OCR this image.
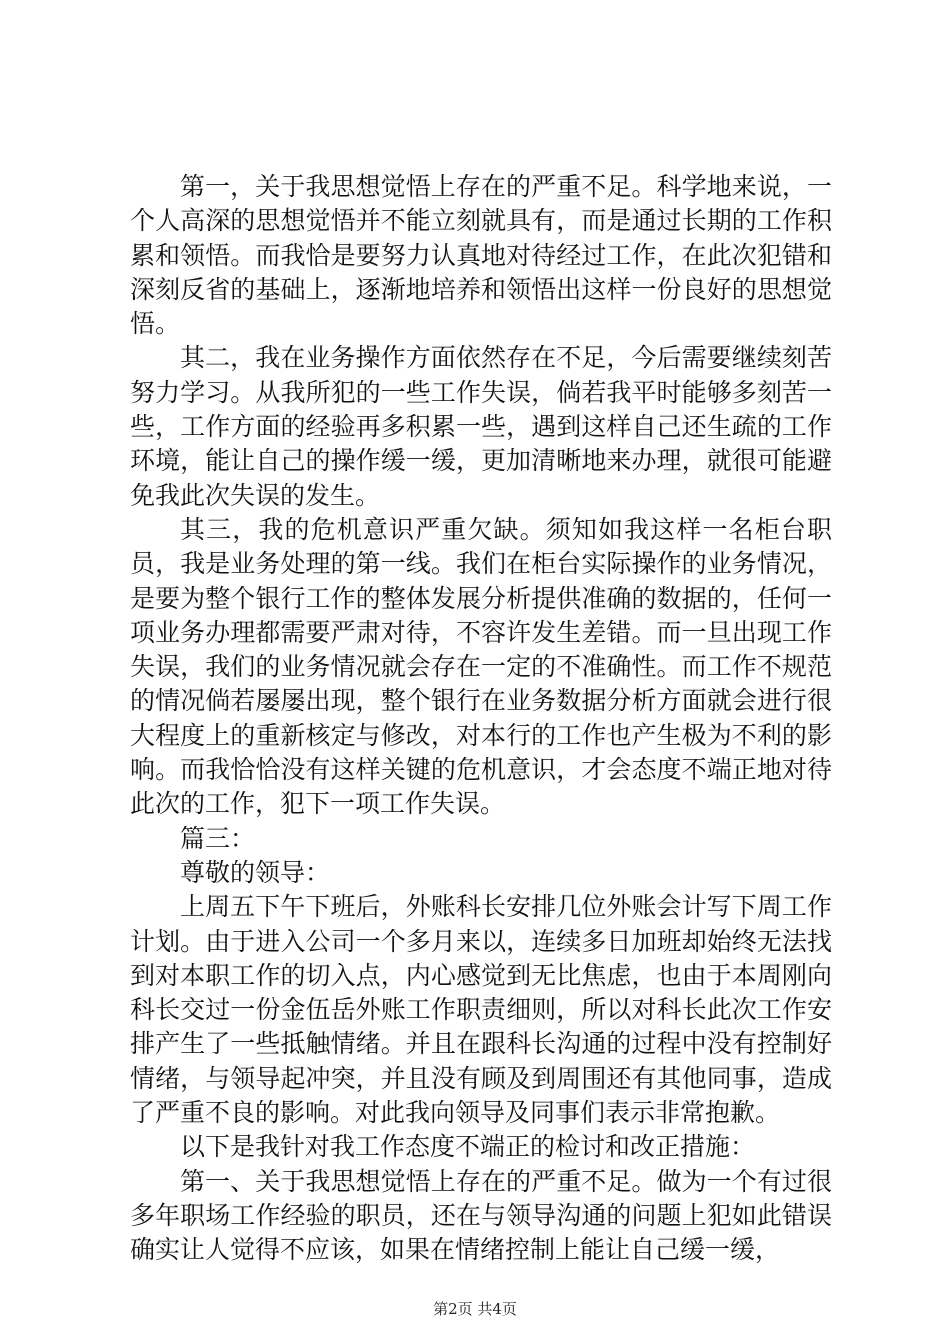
第一，关于我思想觉悟上存在的严重不足。科学地来说，一个人高深的思想觉悟并不能立刻就具有，而是通过长期的工作积累和领悟。而我恰是要努力认真地对待经过工作，在此次犯错和深刻反省的基础上，逐渐地培养和领悟出这样一份良好的思想觉悟。

其二，我在业务操作方面依然存在不足，今后需要继续刻苦努力学习。从我所犯的一些工作失误，倘若我平时能够多刻苦一些，工作方面的经验再多积累一些，遇到这样自己还生疏的工作环境，能让自己的操作缓一缓，更加清晰地来办理，就很可能避免我此次失误的发生。

其三，我的危机意识严重欠缺。须知如我这样一名柜台职员，我是业务处理的第一线。我们在柜台实际操作的业务情况，是要为整个银行工作的整体发展分析提供准确的数据的，任何一项业务办理都需要严肃对待，不容许发生差错。而一旦出现工作失误，我们的业务情况就会存在一定的不准确性。而工作不规范的情况倘若屡屡出现，整个银行在业务数据分析方面就会进行很大程度上的重新核定与修改，对本行的工作也产生极为不利的影响。而我恰恰没有这样关键的危机意识，才会态度不端正地对待此次的工作，犯下一项工作失误。

篇三：

尊敬的领导：

上周五下午下班后，外账科长安排几位外账会计写下周工作计划。由于进入公司一个多月来以，连续多日加班却始终无法找到对本职工作的切入点，内心感觉到无比焦虑，也由于本周刚向科长交过一份金伍岳外账工作职责细则，所以对科长此次工作安排产生了一些抵触情绪。并且在跟科长沟通的过程中没有控制好情绪，与领导起冲突，并且没有顾及到周围还有其他同事，造成了严重不良的影响。对此我向领导及同事们表示非常抱歉。

以下是我针对我工作态度不端正的检讨和改正措施：

第一、关于我思想觉悟上存在的严重不足。做为一个有过很多年职场工作经验的职员，还在与领导沟通的问题上犯如此错误确实让人觉得不应该，如果在情绪控制上能让自己缓一缓，

第2页 共4页
